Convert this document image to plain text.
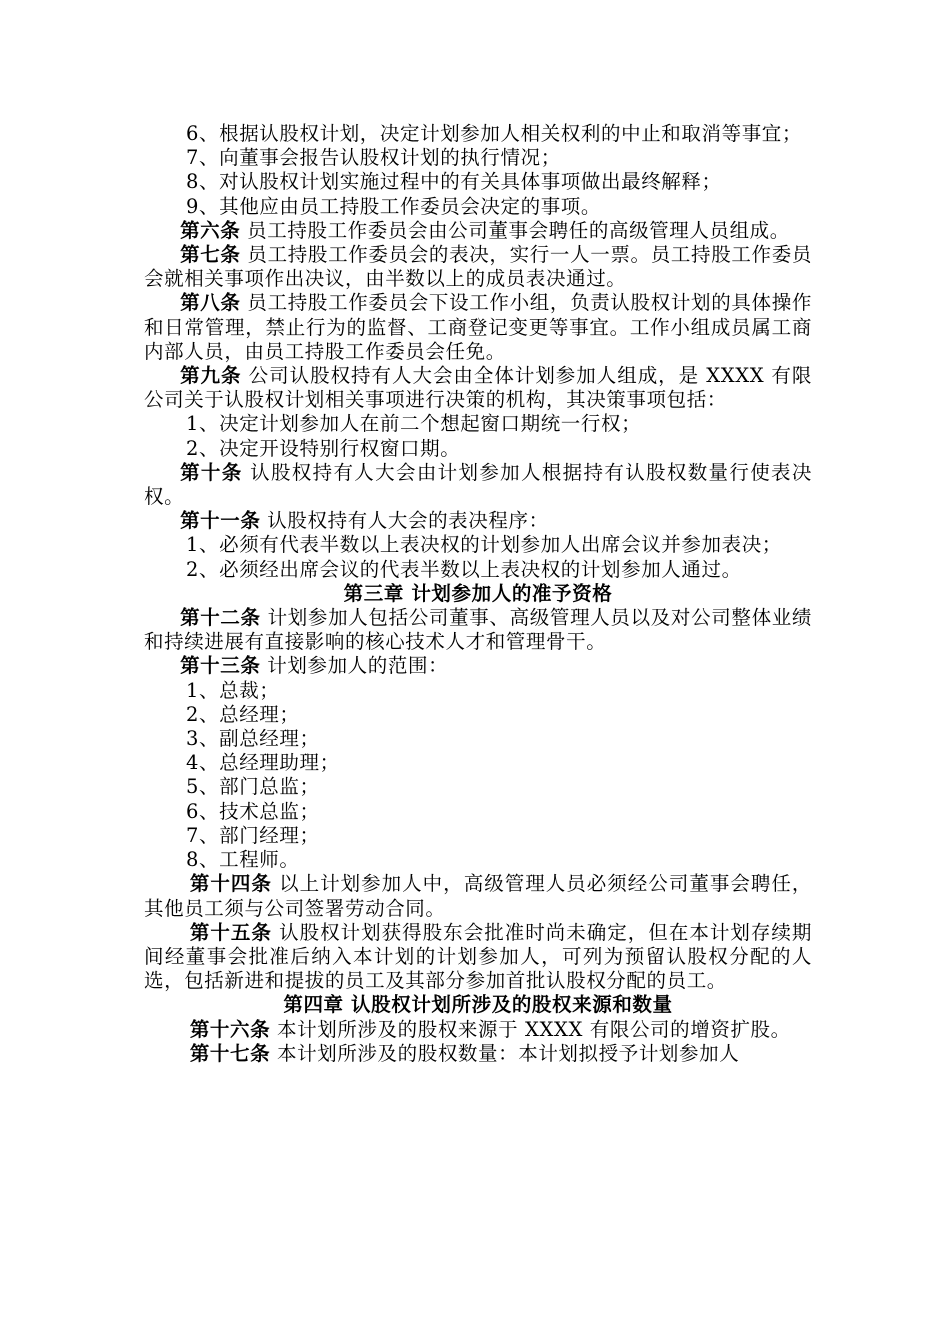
6、根据认股权计划，决定计划参加人相关权利的中止和取消等事宜；

7、向董事会报告认股权计划的执行情况；

8、对认股权计划实施过程中的有关具体事项做出最终解释；

9、其他应由员工持股工作委员会决定的事项。

第六条 员工持股工作委员会由公司董事会聘任的高级管理人员组成。

第七条 员工持股工作委员会的表决，实行一人一票。员工持股工作委员会就相关事项作出决议，由半数以上的成员表决通过。

第八条 员工持股工作委员会下设工作小组，负责认股权计划的具体操作和日常管理，禁止行为的监督、工商登记变更等事宜。工作小组成员属工商内部人员，由员工持股工作委员会任免。

第九条 公司认股权持有人大会由全体计划参加人组成，是 XXXX 有限公司关于认股权计划相关事项进行决策的机构，其决策事项包括：

1、决定计划参加人在前二个想起窗口期统一行权；

2、决定开设特别行权窗口期。

第十条 认股权持有人大会由计划参加人根据持有认股权数量行使表决权。

第十一条 认股权持有人大会的表决程序：

1、必须有代表半数以上表决权的计划参加人出席会议并参加表决；

2、必须经出席会议的代表半数以上表决权的计划参加人通过。

第三章 计划参加人的准予资格

第十二条 计划参加人包括公司董事、高级管理人员以及对公司整体业绩和持续进展有直接影响的核心技术人才和管理骨干。

第十三条 计划参加人的范围：

1、总裁；

2、总经理；

3、副总经理；

4、总经理助理；

5、部门总监；

6、技术总监；

7、部门经理；

8、工程师。

第十四条 以上计划参加人中，高级管理人员必须经公司董事会聘任，其他员工须与公司签署劳动合同。

第十五条 认股权计划获得股东会批准时尚未确定，但在本计划存续期间经董事会批准后纳入本计划的计划参加人，可列为预留认股权分配的人选，包括新进和提拔的员工及其部分参加首批认股权分配的员工。

第四章 认股权计划所涉及的股权来源和数量

第十六条 本计划所涉及的股权来源于 XXXX 有限公司的增资扩股。

第十七条 本计划所涉及的股权数量：本计划拟授予计划参加人
